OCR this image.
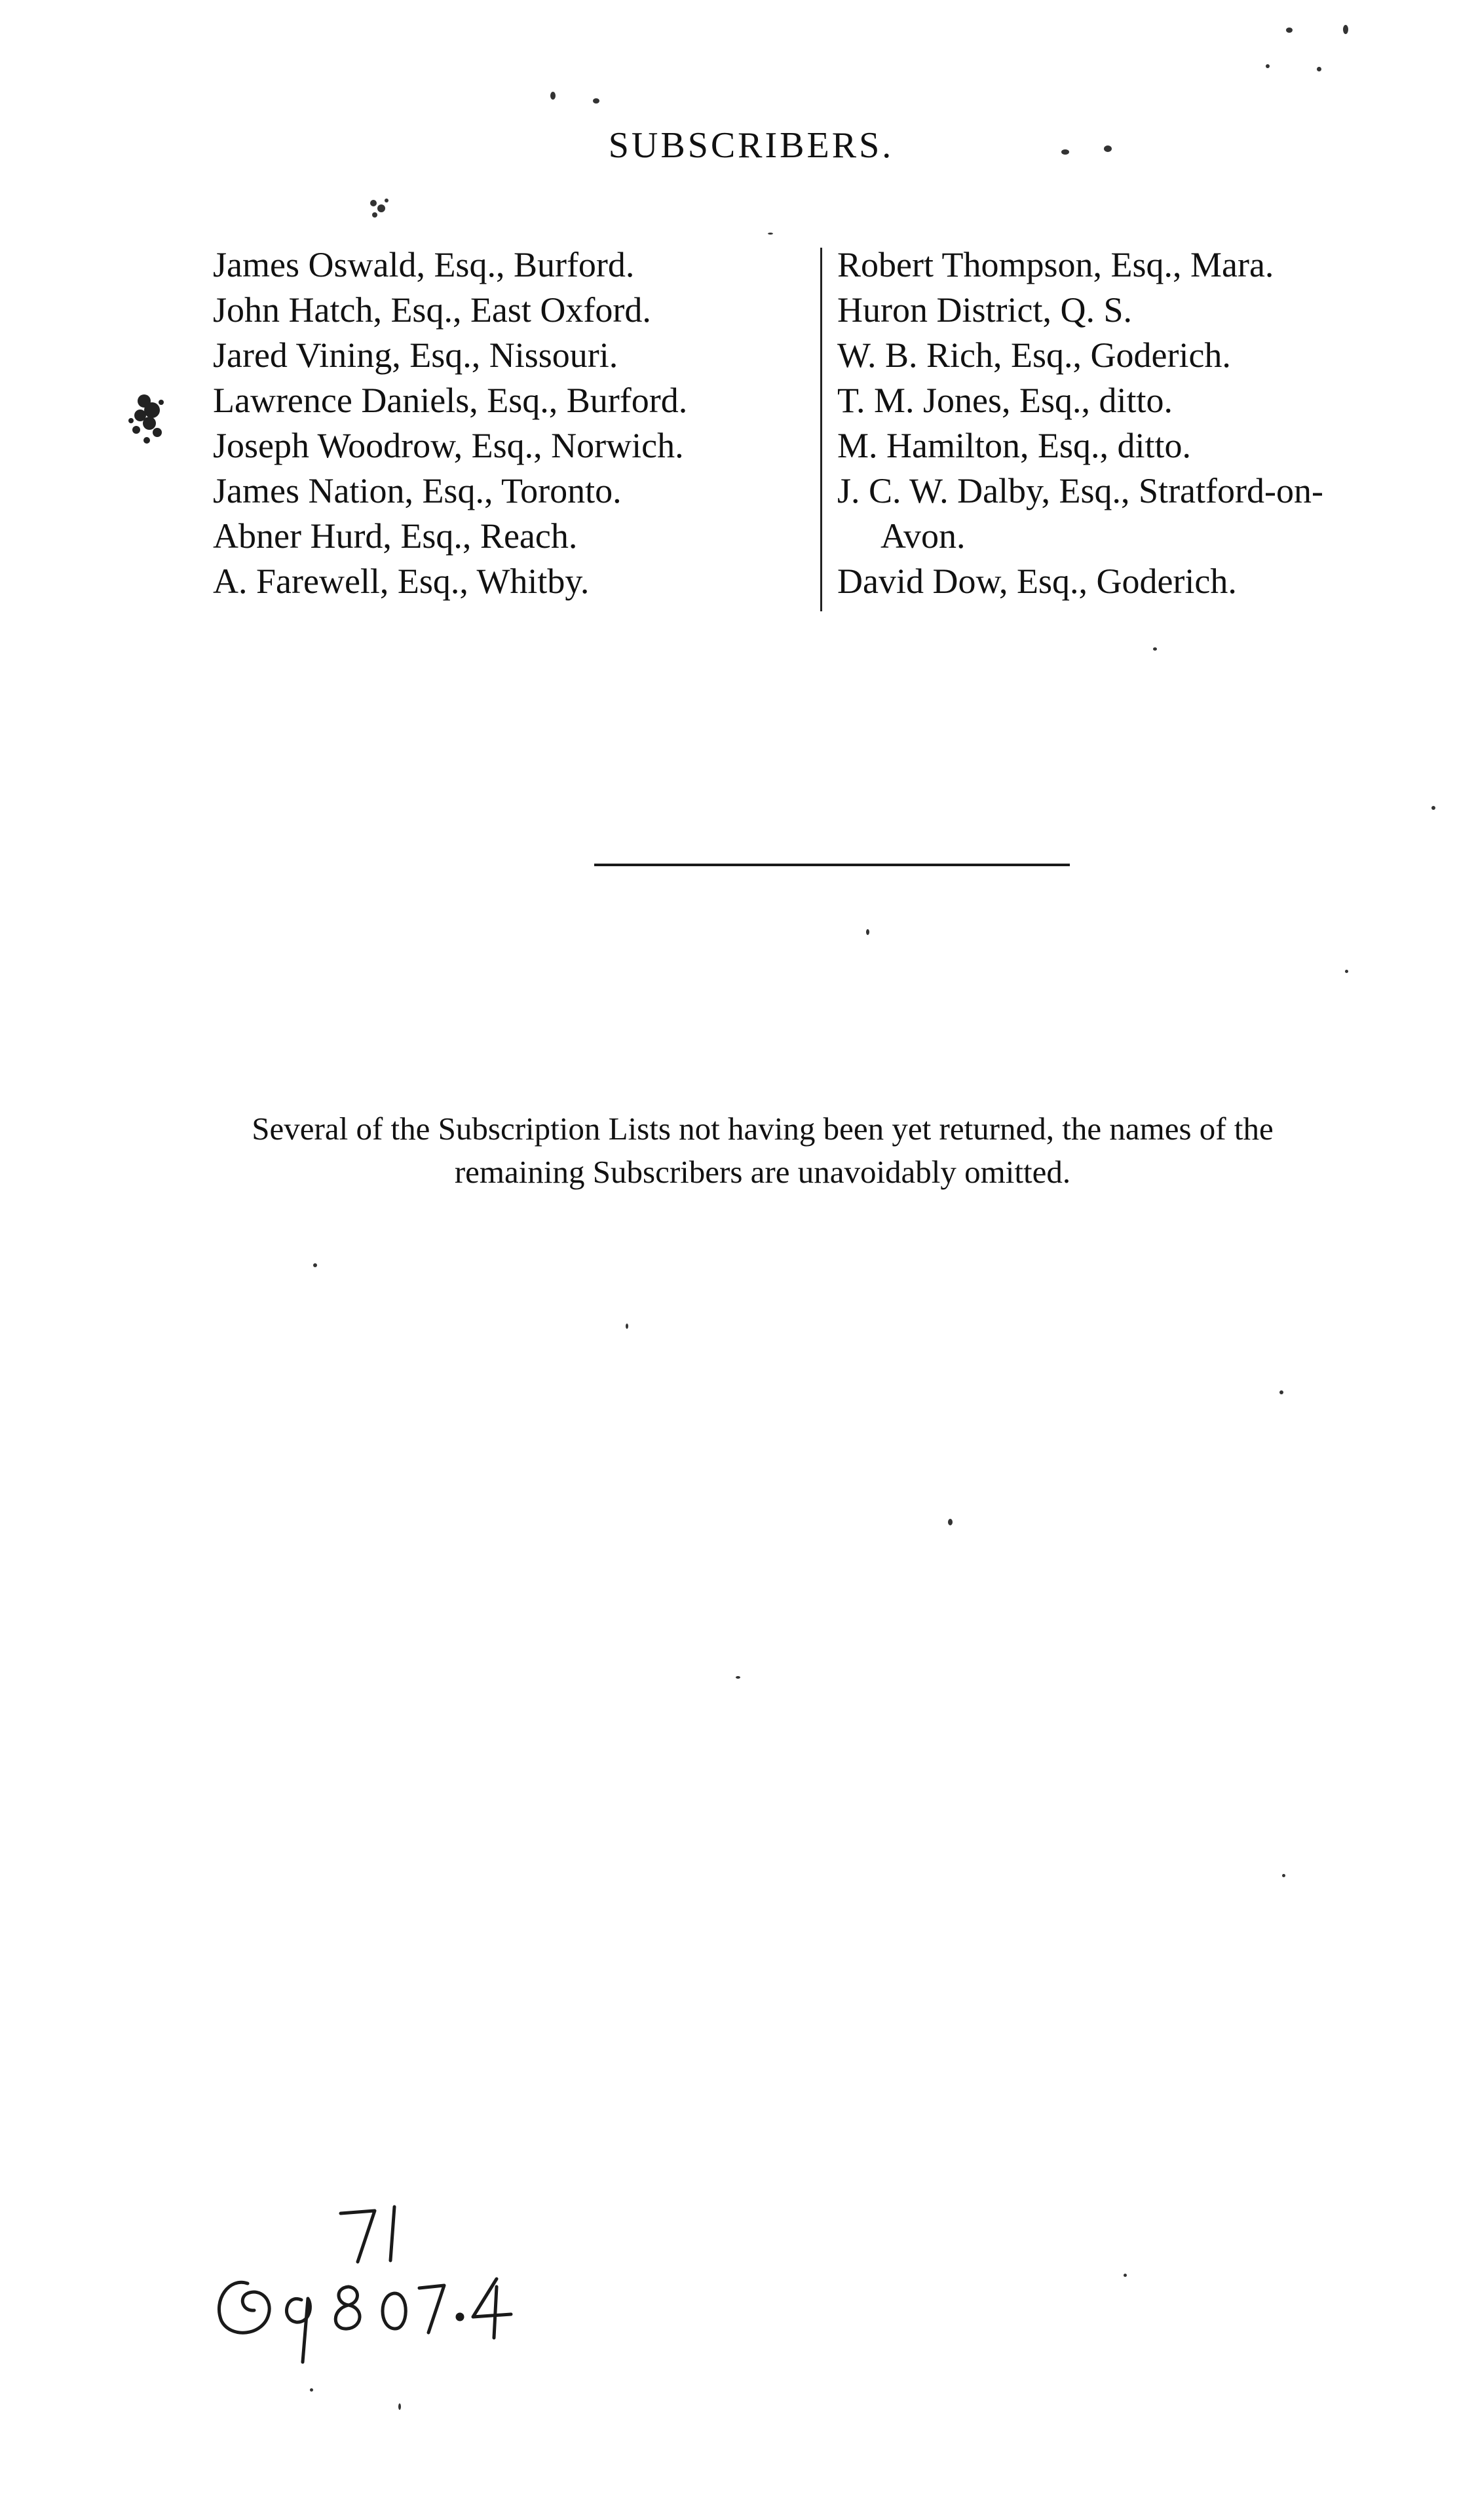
SUBSCRIBERS.
James Oswald, Esq., Burford.
John Hatch, Esq., East Oxford.
Jared Vining, Esq., Nissouri.
Lawrence Daniels, Esq., Burford.
Joseph Woodrow, Esq., Norwich.
James Nation, Esq., Toronto.
Abner Hurd, Esq., Reach.
A. Farewell, Esq., Whitby.
Robert Thompson, Esq., Mara.
Huron District, Q. S.
W. B. Rich, Esq., Goderich.
T. M. Jones, Esq., ditto.
M. Hamilton, Esq., ditto.
J. C. W. Dalby, Esq., Stratford-on-
Avon.
David Dow, Esq., Goderich.
Several of the Subscription Lists not having been yet returned, the names of the
remaining Subscribers are unavoidably omitted.
